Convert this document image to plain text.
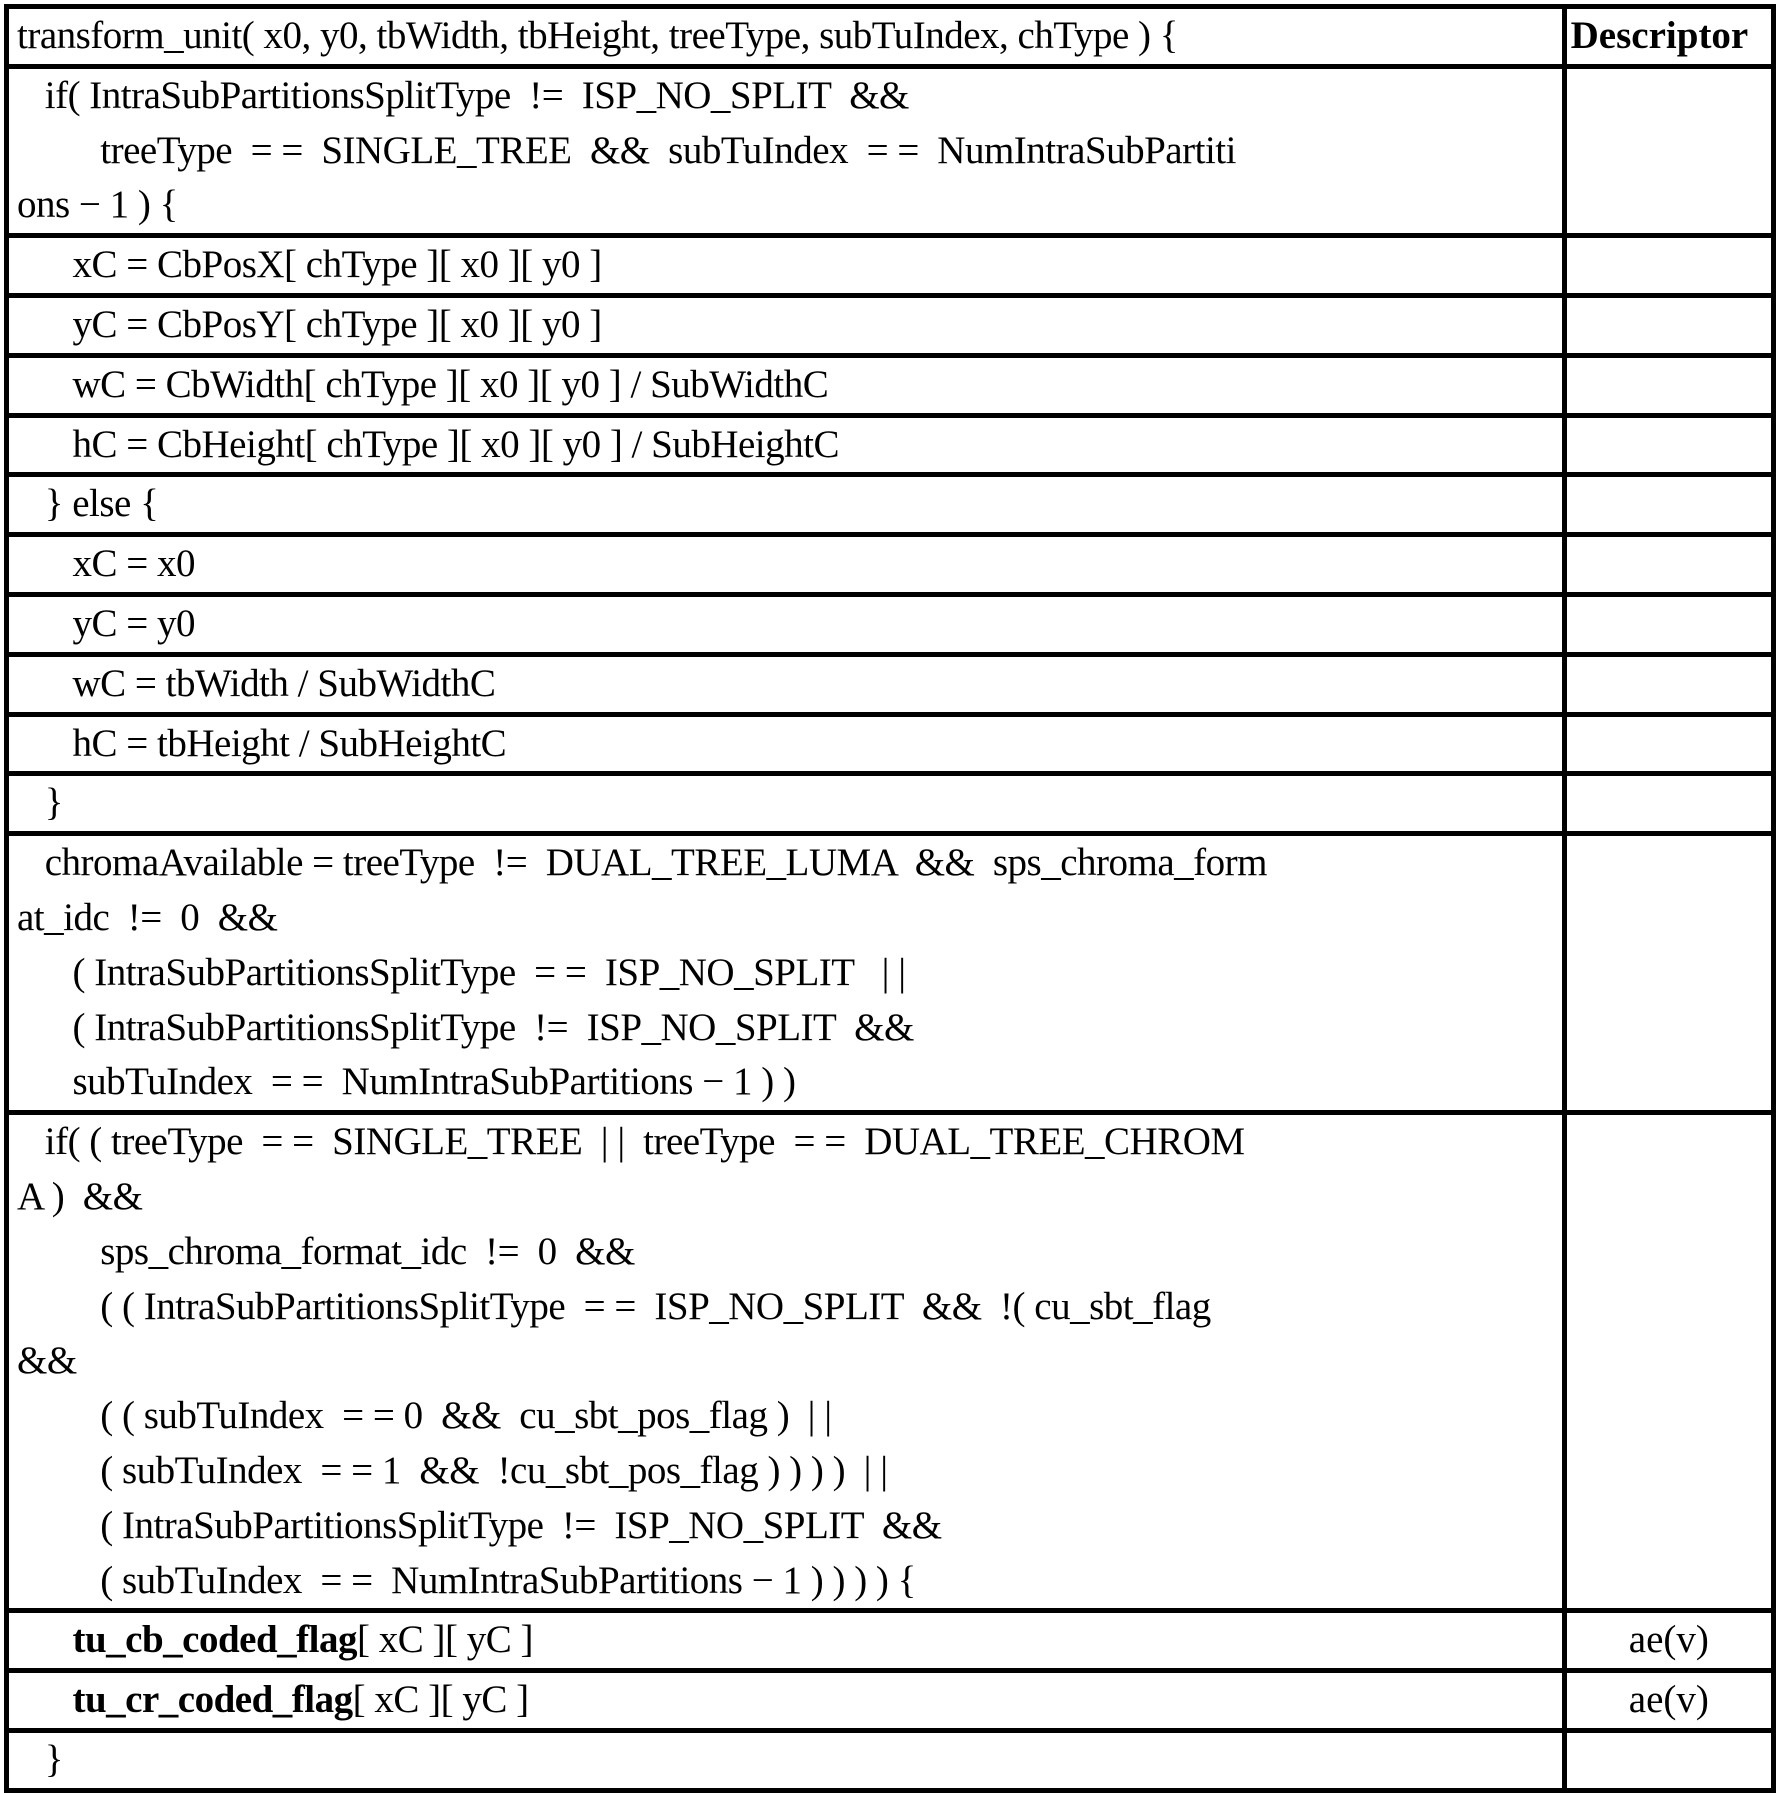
transform_unit( x0, y0, tbWidth, tbHeight, treeType, subTuIndex, chType ) {	Descriptor

if( IntraSubPartitionsSplitType  !=  ISP_NO_SPLIT  &&
treeType  = =  SINGLE_TREE  &&  subTuIndex  = =  NumIntraSubPartiti
ons − 1 ) {	

xC = CbPosX[ chType ][ x0 ][ y0 ]	

yC = CbPosY[ chType ][ x0 ][ y0 ]	

wC = CbWidth[ chType ][ x0 ][ y0 ] / SubWidthC	

hC = CbHeight[ chType ][ x0 ][ y0 ] / SubHeightC	

} else {	

xC = x0	

yC = y0	

wC = tbWidth / SubWidthC	

hC = tbHeight / SubHeightC	

}	

chromaAvailable = treeType  !=  DUAL_TREE_LUMA  &&  sps_chroma_form
at_idc  !=  0  &&
( IntraSubPartitionsSplitType  = =  ISP_NO_SPLIT   | |
( IntraSubPartitionsSplitType  !=  ISP_NO_SPLIT  &&
subTuIndex  = =  NumIntraSubPartitions − 1 ) )	

if( ( treeType  = =  SINGLE_TREE  | |  treeType  = =  DUAL_TREE_CHROM
A )  &&
sps_chroma_format_idc  !=  0  &&
( ( IntraSubPartitionsSplitType  = =  ISP_NO_SPLIT  &&  !( cu_sbt_flag
&&
( ( subTuIndex  = = 0  &&  cu_sbt_pos_flag )  | |
( subTuIndex  = = 1  &&  !cu_sbt_pos_flag ) ) ) )  | |
( IntraSubPartitionsSplitType  !=  ISP_NO_SPLIT  &&
( subTuIndex  = =  NumIntraSubPartitions − 1 ) ) ) ) {

tu_cb_coded_flag[ xC ][ yC ]	ae(v)

tu_cr_coded_flag[ xC ][ yC ]	ae(v)

}	
